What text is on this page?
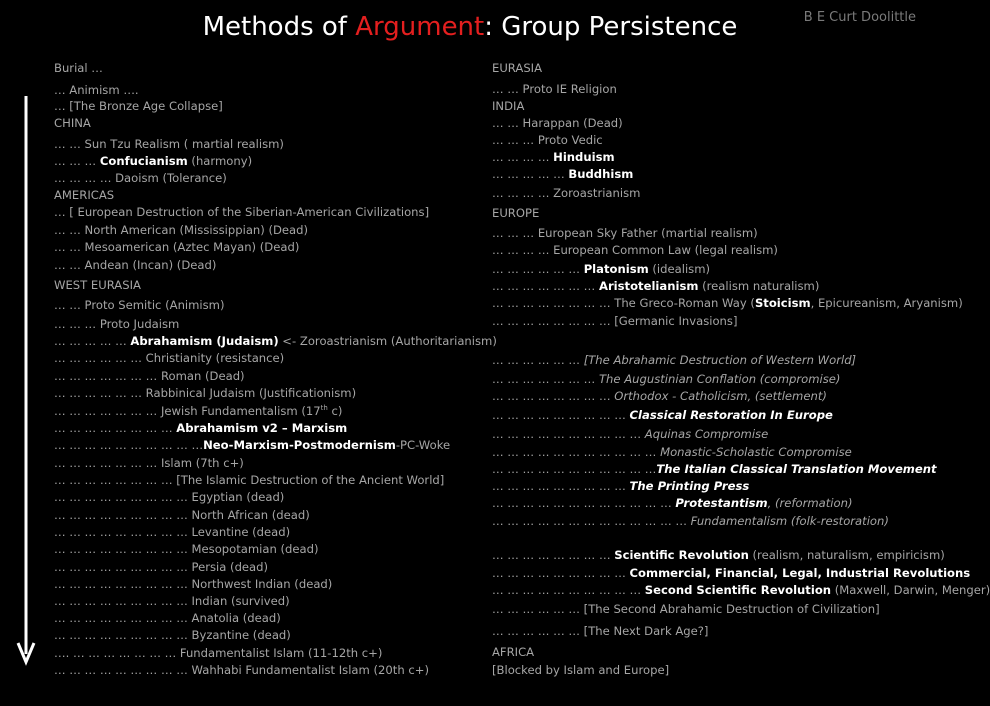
Methods of Argument: Group Persistence	B E Curt Doolittle
Burial …
… Animism ….
… [The Bronze Age Collapse]
CHINA
… … Sun Tzu Realism ( martial realism)
… … … Confucianism (harmony)
… … … … Daoism (Tolerance)
AMERICAS
… [ European Destruction of the Siberian-American Civilizations]
… … North American (Mississippian) (Dead)
… … Mesoamerican (Aztec Mayan) (Dead)
… … Andean (Incan) (Dead)
WEST EURASIA
… … Proto Semitic (Animism)
… … … Proto Judaism
… … … … … Abrahamism (Judaism) <- Zoroastrianism (Authoritarianism)
… … … … … … Christianity (resistance)
… … … … … … … Roman (Dead)
… … … … … … Rabbinical Judaism (Justificationism)
… … … … … … … Jewish Fundamentalism (17th c)
… … … … … … … … Abrahamism v2 – Marxism
… … … … … … … … … …Neo-Marxism-Postmodernism-PC-Woke
… … … … … … … Islam (7th c+)
… … … … … … … … [The Islamic Destruction of the Ancient World]
… … … … … … … … … Egyptian (dead)
… … … … … … … … … North African (dead)
… … … … … … … … … Levantine (dead)
… … … … … … … … … Mesopotamian (dead)
… … … … … … … … … Persia (dead)
… … … … … … … … … Northwest Indian (dead)
… … … … … … … … … Indian (survived)
… … … … … … … … … Anatolia (dead)
… … … … … … … … … Byzantine (dead)
…. … … … … … … … Fundamentalist Islam (11-12th c+)
… … … … … … … … … Wahhabi Fundamentalist Islam (20th c+)
EURASIA
… … Proto IE Religion
INDIA
… … Harappan (Dead)
… … … Proto Vedic
… … … … Hinduism
… … … … … Buddhism
… … … … Zoroastrianism
EUROPE
… … … European Sky Father (martial realism)
… … … … European Common Law (legal realism)
… … … … … … Platonism (idealism)
… … … … … … … Aristotelianism (realism naturalism)
… … … … … … … … The Greco-Roman Way (Stoicism, Epicureanism, Aryanism)
… … … … … … … … [Germanic Invasions]
… … … … … … [The Abrahamic Destruction of Western World]
… … … … … … … The Augustinian Conflation (compromise)
… … … … … … … … Orthodox - Catholicism, (settlement)
… … … … … … … … … Classical Restoration In Europe
… … … … … … … … … … Aquinas Compromise
… … … … … … … … … … … Monastic-Scholastic Compromise
… … … … … … … … … … …The Italian Classical Translation Movement
… … … … … … … … … The Printing Press
… … … … … … … … … … … … Protestantism, (reformation)
… … … … … … … … … … … … … Fundamentalism (folk-restoration)
… … … … … … … … Scientific Revolution (realism, naturalism, empiricism)
… … … … … … … … … Commercial, Financial, Legal, Industrial Revolutions
… … … … … … … … … … Second Scientific Revolution (Maxwell, Darwin, Menger)
… … … … … … [The Second Abrahamic Destruction of Civilization]
… … … … … … [The Next Dark Age?]
AFRICA
[Blocked by Islam and Europe]
